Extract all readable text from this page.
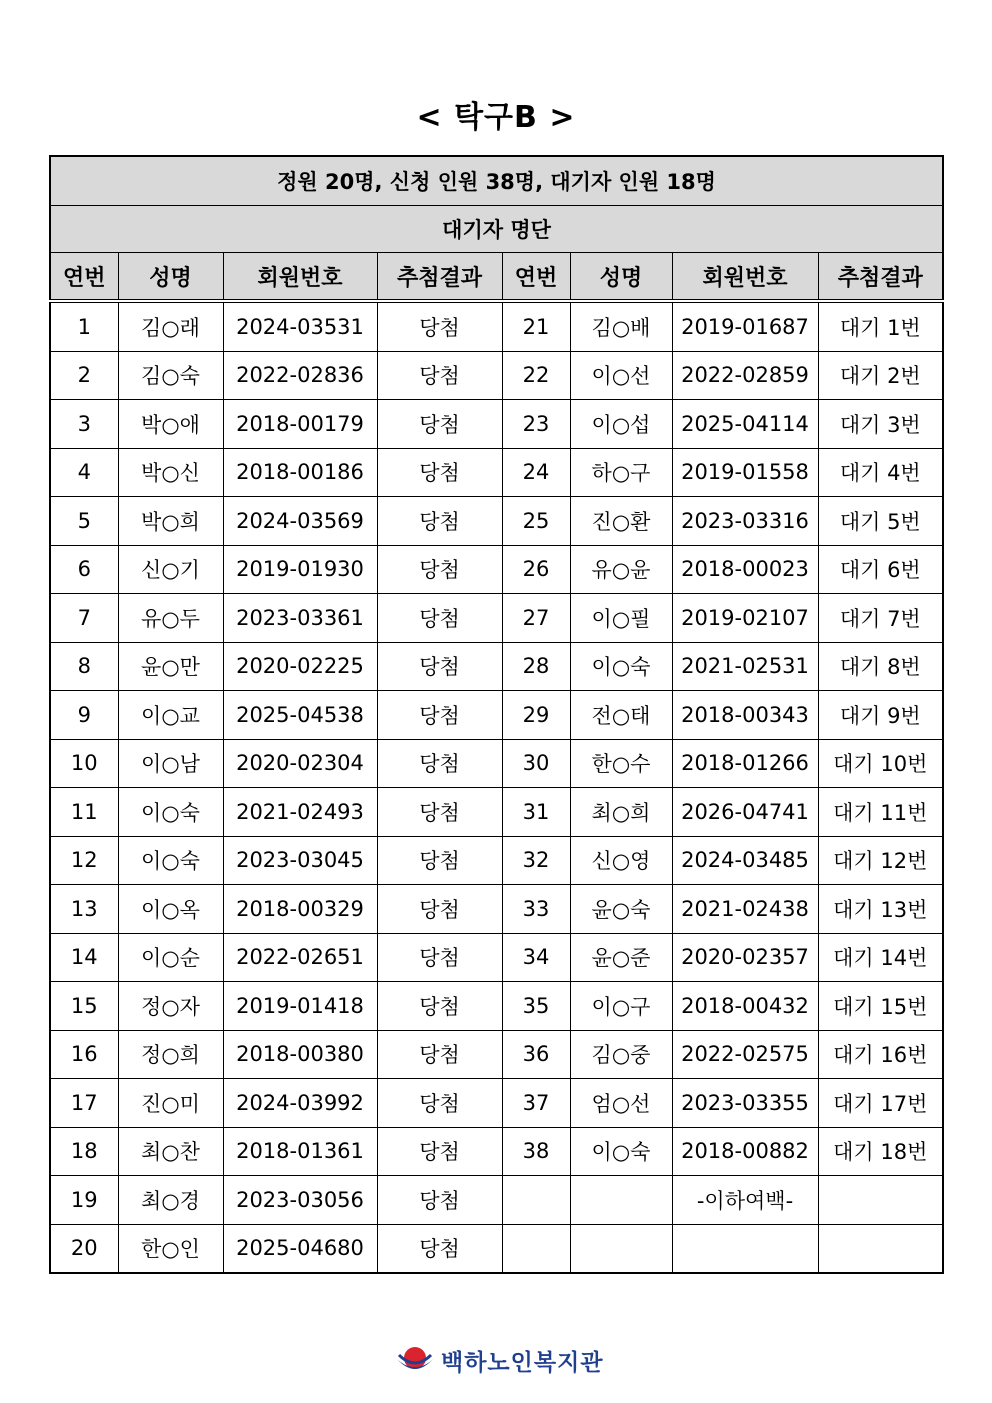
< 탁구B >
정원 20명, 신청 인원 38명, 대기자 인원 18명							
대기자 명단							
연번	성명	회원번호	추첨결과	연번	성명	회원번호	추첨결과
1	김○래	2024-03531	당첨	21	김○배	2019-01687	대기 1번
2	김○숙	2022-02836	당첨	22	이○선	2022-02859	대기 2번
3	박○애	2018-00179	당첨	23	이○섭	2025-04114	대기 3번
4	박○신	2018-00186	당첨	24	하○구	2019-01558	대기 4번
5	박○희	2024-03569	당첨	25	진○환	2023-03316	대기 5번
6	신○기	2019-01930	당첨	26	유○윤	2018-00023	대기 6번
7	유○두	2023-03361	당첨	27	이○필	2019-02107	대기 7번
8	윤○만	2020-02225	당첨	28	이○숙	2021-02531	대기 8번
9	이○교	2025-04538	당첨	29	전○태	2018-00343	대기 9번
10	이○남	2020-02304	당첨	30	한○수	2018-01266	대기 10번
11	이○숙	2021-02493	당첨	31	최○희	2026-04741	대기 11번
12	이○숙	2023-03045	당첨	32	신○영	2024-03485	대기 12번
13	이○옥	2018-00329	당첨	33	윤○숙	2021-02438	대기 13번
14	이○순	2022-02651	당첨	34	윤○준	2020-02357	대기 14번
15	정○자	2019-01418	당첨	35	이○구	2018-00432	대기 15번
16	정○희	2018-00380	당첨	36	김○중	2022-02575	대기 16번
17	진○미	2024-03992	당첨	37	엄○선	2023-03355	대기 17번
18	최○찬	2018-01361	당첨	38	이○숙	2018-00882	대기 18번
19	최○경	2023-03056	당첨			-이하여백-	
20	한○인	2025-04680	당첨				
백하노인복지관
